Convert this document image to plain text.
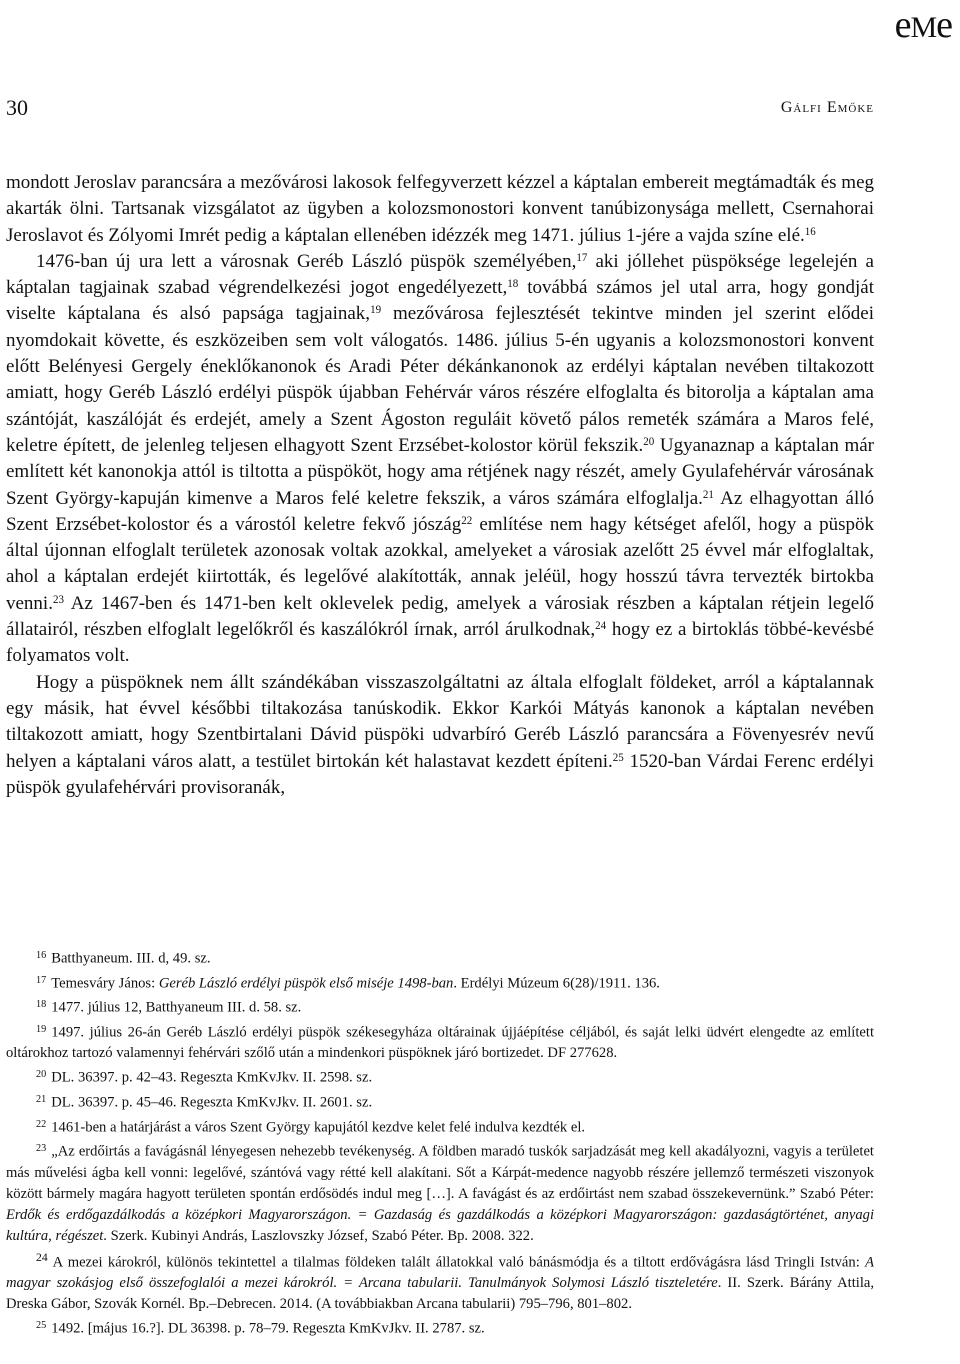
eMe
30	Gálfi Emőke

mondott Jeroslav parancsára a mezővárosi lakosok felfegyverzett kézzel a káptalan embereit megtámadták és meg akarták ölni. Tartsanak vizsgálatot az ügyben a kolozsmonostori konvent tanúbizonysága mellett, Csernahorai Jeroslavot és Zólyomi Imrét pedig a káptalan ellenében idézzék meg 1471. július 1-jére a vajda színe elé.$^{16}$

1476-ban új ura lett a városnak Geréb László püspök személyében,$^{17}$ aki jóllehet püspöksége legelején a káptalan tagjainak szabad végrendelkezési jogot engedélyezett,$^{18}$ továbbá számos jel utal arra, hogy gondját viselte káptalana és alsó papsága tagjainak,$^{19}$ mezővárosa fejlesztését tekintve minden jel szerint elődei nyomdokait követte, és eszközeiben sem volt válogatós. 1486. július 5-én ugyanis a kolozsmonostori konvent előtt Belényesi Gergely éneklőkanonok és Aradi Péter dékánkanonok az erdélyi káptalan nevében tiltakozott amiatt, hogy Geréb László erdélyi püspök újabban Fehérvár város részére elfoglalta és bitorolja a káptalan ama szántóját, kaszálóját és erdejét, amely a Szent Ágoston reguláit követő pálos remeték számára a Maros felé, keletre épített, de jelenleg teljesen elhagyott Szent Erzsébet-kolostor körül fekszik.$^{20}$ Ugyanaznap a káptalan már említett két kanonokja attól is tiltotta a püspököt, hogy ama rétjének nagy részét, amely Gyulafehérvár városának Szent György-kapuján kimenve a Maros felé keletre fekszik, a város számára elfoglalja.$^{21}$ Az elhagyottan álló Szent Erzsébet-kolostor és a várostól keletre fekvő jószág$^{22}$ említése nem hagy kétséget afelől, hogy a püspök által újonnan elfoglalt területek azonosak voltak azokkal, amelyeket a városiak azelőtt 25 évvel már elfoglaltak, ahol a káptalan erdejét kiirtották, és legelővé alakították, annak jeléül, hogy hosszú távra tervezték birtokba venni.$^{23}$ Az 1467-ben és 1471-ben kelt oklevelek pedig, amelyek a városiak részben a káptalan rétjein legelő állatairól, részben elfoglalt legelőkről és kaszálókról írnak, arról árulkodnak,$^{24}$ hogy ez a birtoklás többé-kevésbé folyamatos volt.

Hogy a püspöknek nem állt szándékában visszaszolgáltatni az általa elfoglalt földeket, arról a káptalannak egy másik, hat évvel későbbi tiltakozása tanúskodik. Ekkor Karkói Mátyás kanonok a káptalan nevében tiltakozott amiatt, hogy Szentbirtalani Dávid püspöki udvarbíró Geréb László parancsára a Fövenyesrév nevű helyen a káptalani város alatt, a testület birtokán két halastavat kezdett építeni.$^{25}$ 1520-ban Várdai Ferenc erdélyi püspök gyulafehérvári provisoranák,

$^{16}$ Batthyaneum. III. d, 49. sz.

$^{17}$ Temesváry János: Geréb László erdélyi püspök első miséje 1498-ban. Erdélyi Múzeum 6(28)/1911. 136.

$^{18}$ 1477. július 12, Batthyaneum III. d. 58. sz.

$^{19}$ 1497. július 26-án Geréb László erdélyi püspök székesegyháza oltárainak újjáépítése céljából, és saját lelki üdvért elengedte az említett oltárokhoz tartozó valamennyi fehérvári szőlő után a mindenkori püspöknek járó bortizedet. DF 277628.

$^{20}$ DL. 36397. p. 42–43. Regeszta KmKvJkv. II. 2598. sz.

$^{21}$ DL. 36397. p. 45–46. Regeszta KmKvJkv. II. 2601. sz.

$^{22}$ 1461-ben a határjárást a város Szent György kapujától kezdve kelet felé indulva kezdték el.

$^{23}$ „Az erdőirtás a favágásnál lényegesen nehezebb tevékenység. A földben maradó tuskók sarjadzását meg kell akadályozni, vagyis a területet más művelési ágba kell vonni: legelővé, szántóvá vagy rétté kell alakítani. Sőt a Kárpát-medence nagyobb részére jellemző természeti viszonyok között bármely magára hagyott területen spontán erdősödés indul meg […]. A favágást és az erdőirtást nem szabad összekevernünk.” Szabó Péter: Erdők és erdőgazdálkodás a középkori Magyarországon. = Gazdaság és gazdálkodás a középkori Magyarországon: gazdaságtörténet, anyagi kultúra, régészet. Szerk. Kubinyi András, Laszlovszky József, Szabó Péter. Bp. 2008. 322.

$^{24}$ A mezei károkról, különös tekintettel a tilalmas földeken talált állatokkal való bánásmódja és a tiltott erdővágásra lásd Tringli István: A magyar szokásjog első összefoglalói a mezei károkról. = Arcana tabularii. Tanulmányok Solymosi László tiszteletére. II. Szerk. Bárány Attila, Dreska Gábor, Szovák Kornél. Bp.–Debrecen. 2014. (A továbbiakban Arcana tabularii) 795–796, 801–802.

$^{25}$ 1492. [május 16.?]. DL 36398. p. 78–79. Regeszta KmKvJkv. II. 2787. sz.
